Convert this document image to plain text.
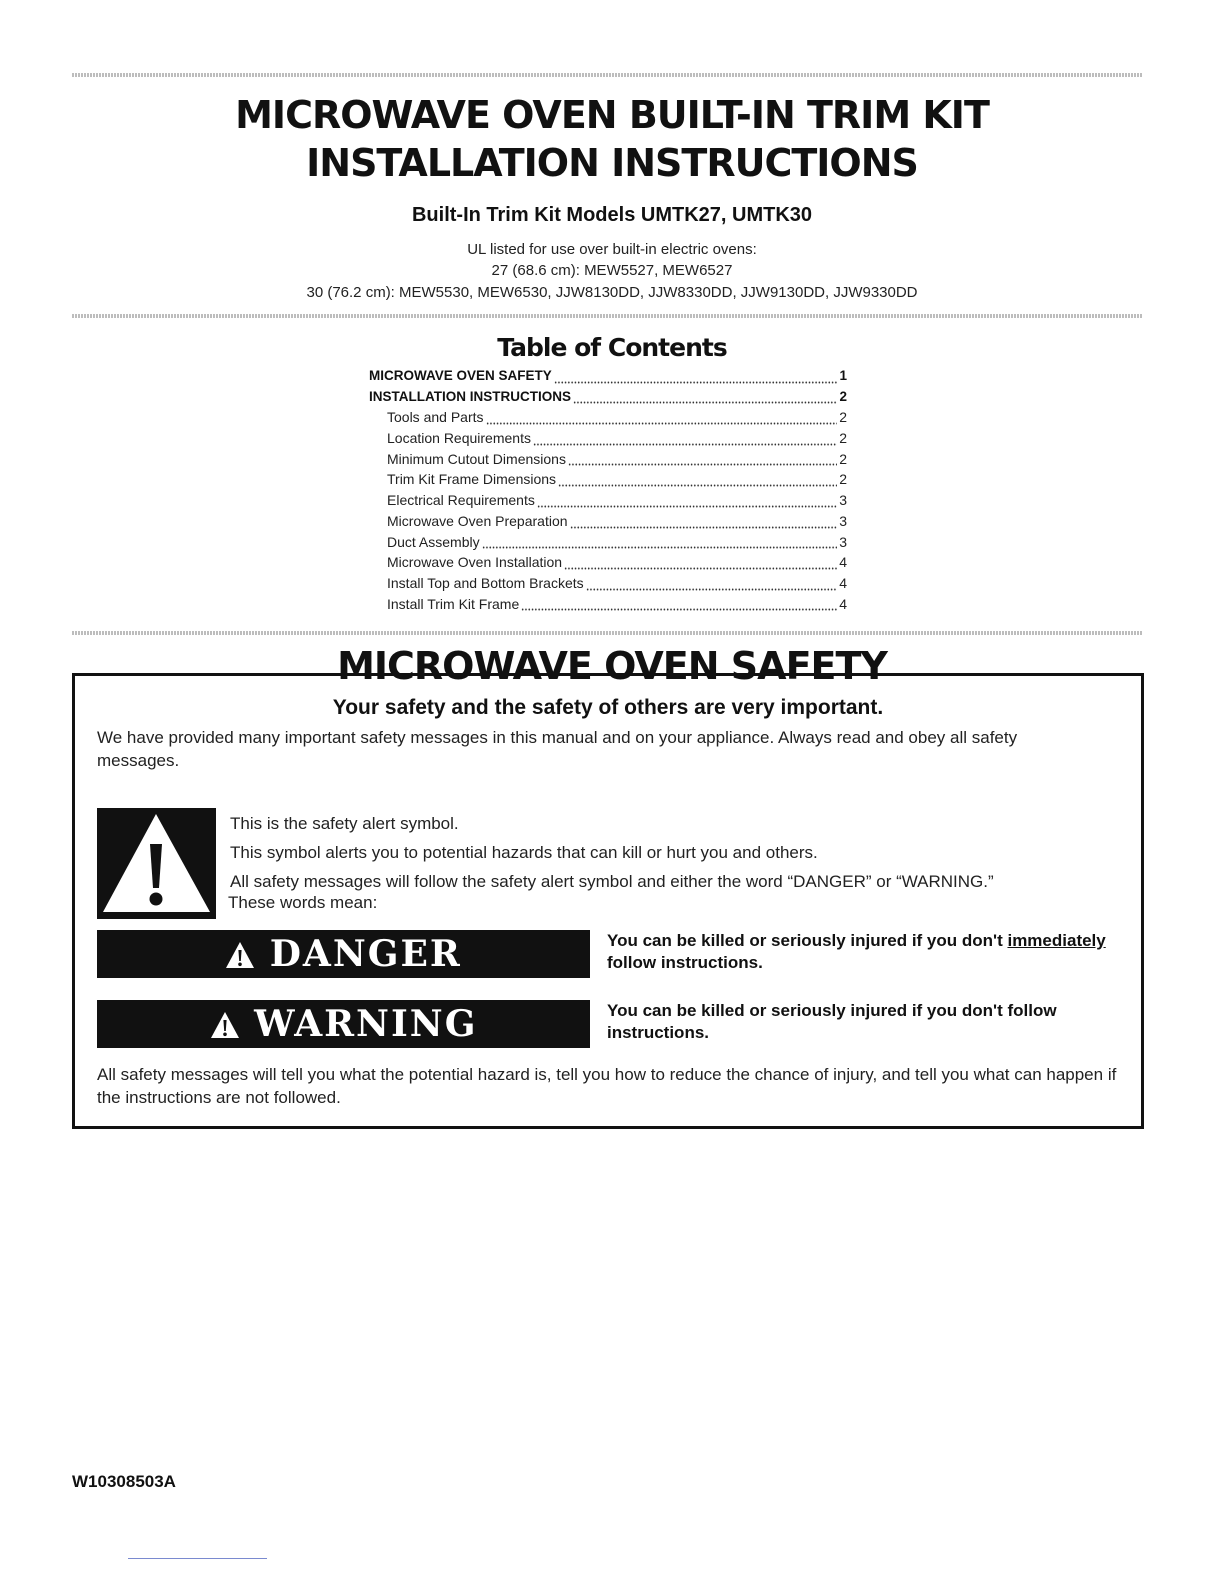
MICROWAVE OVEN BUILT-IN TRIM KIT
INSTALLATION INSTRUCTIONS
Built-In Trim Kit Models UMTK27, UMTK30
UL listed for use over built-in electric ovens:
27 (68.6 cm): MEW5527, MEW6527
30 (76.2 cm): MEW5530, MEW6530, JJW8130DD, JJW8330DD, JJW9130DD, JJW9330DD
Table of Contents
MICROWAVE OVEN SAFETY	1
INSTALLATION INSTRUCTIONS	2
Tools and Parts	2
Location Requirements	2
Minimum Cutout Dimensions	2
Trim Kit Frame Dimensions	2
Electrical Requirements	3
Microwave Oven Preparation	3
Duct Assembly	3
Microwave Oven Installation	4
Install Top and Bottom Brackets	4
Install Trim Kit Frame	4
MICROWAVE OVEN SAFETY
Your safety and the safety of others are very important.
We have provided many important safety messages in this manual and on your appliance. Always read and obey all safety messages.
This is the safety alert symbol.
This symbol alerts you to potential hazards that can kill or hurt you and others.
All safety messages will follow the safety alert symbol and either the word “DANGER” or “WARNING.”
These words mean:
DANGER	You can be killed or seriously injured if you don't immediately
follow instructions.
WARNING	You can be killed or seriously injured if you don't follow instructions.
All safety messages will tell you what the potential hazard is, tell you how to reduce the chance of injury, and tell you what can happen if the instructions are not followed.
W10308503A
